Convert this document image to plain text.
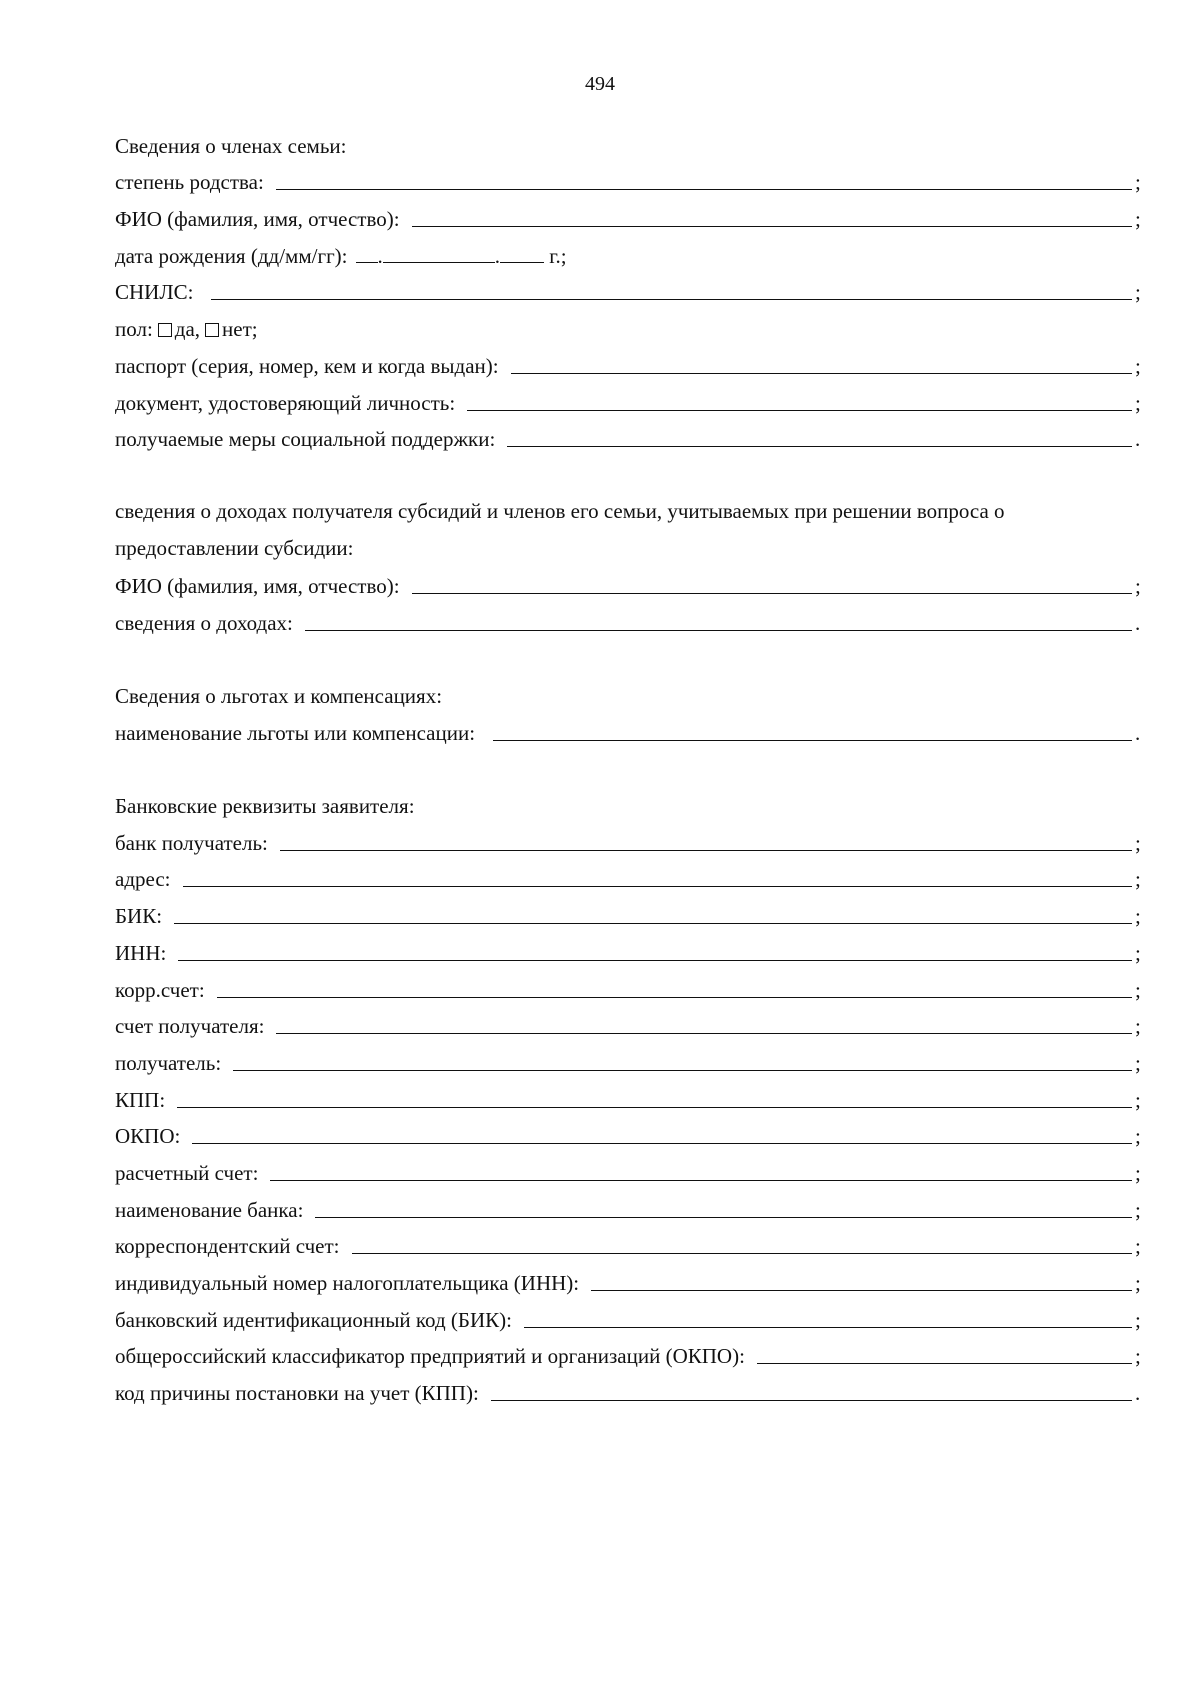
494
Сведения о членах семьи:
степень родства:	;
ФИО (фамилия, имя, отчество):	;
дата рождения (дд/мм/гг):	.	. г.;
СНИЛС:	;
пол: да, нет;
паспорт (серия, номер, кем и когда выдан):	;
документ, удостоверяющий личность:	;
получаемые меры социальной поддержки:	.
сведения о доходах получателя субсидий и членов его семьи, учитываемых при решении вопроса о предоставлении субсидии:
ФИО (фамилия, имя, отчество):	;
сведения о доходах:	.
Сведения о льготах и компенсациях:
наименование льготы или компенсации:	.
Банковские реквизиты заявителя:
банк получатель:	;
адрес:	;
БИК:	;
ИНН:	;
корр.счет:	;
счет получателя:	;
получатель:	;
КПП:	;
ОКПО:	;
расчетный счет:	;
наименование банка:	;
корреспондентский счет:	;
индивидуальный номер налогоплательщика (ИНН):	;
банковский идентификационный код (БИК):	;
общероссийский классификатор предприятий и организаций (ОКПО):	;
код причины постановки на учет (КПП):	.
